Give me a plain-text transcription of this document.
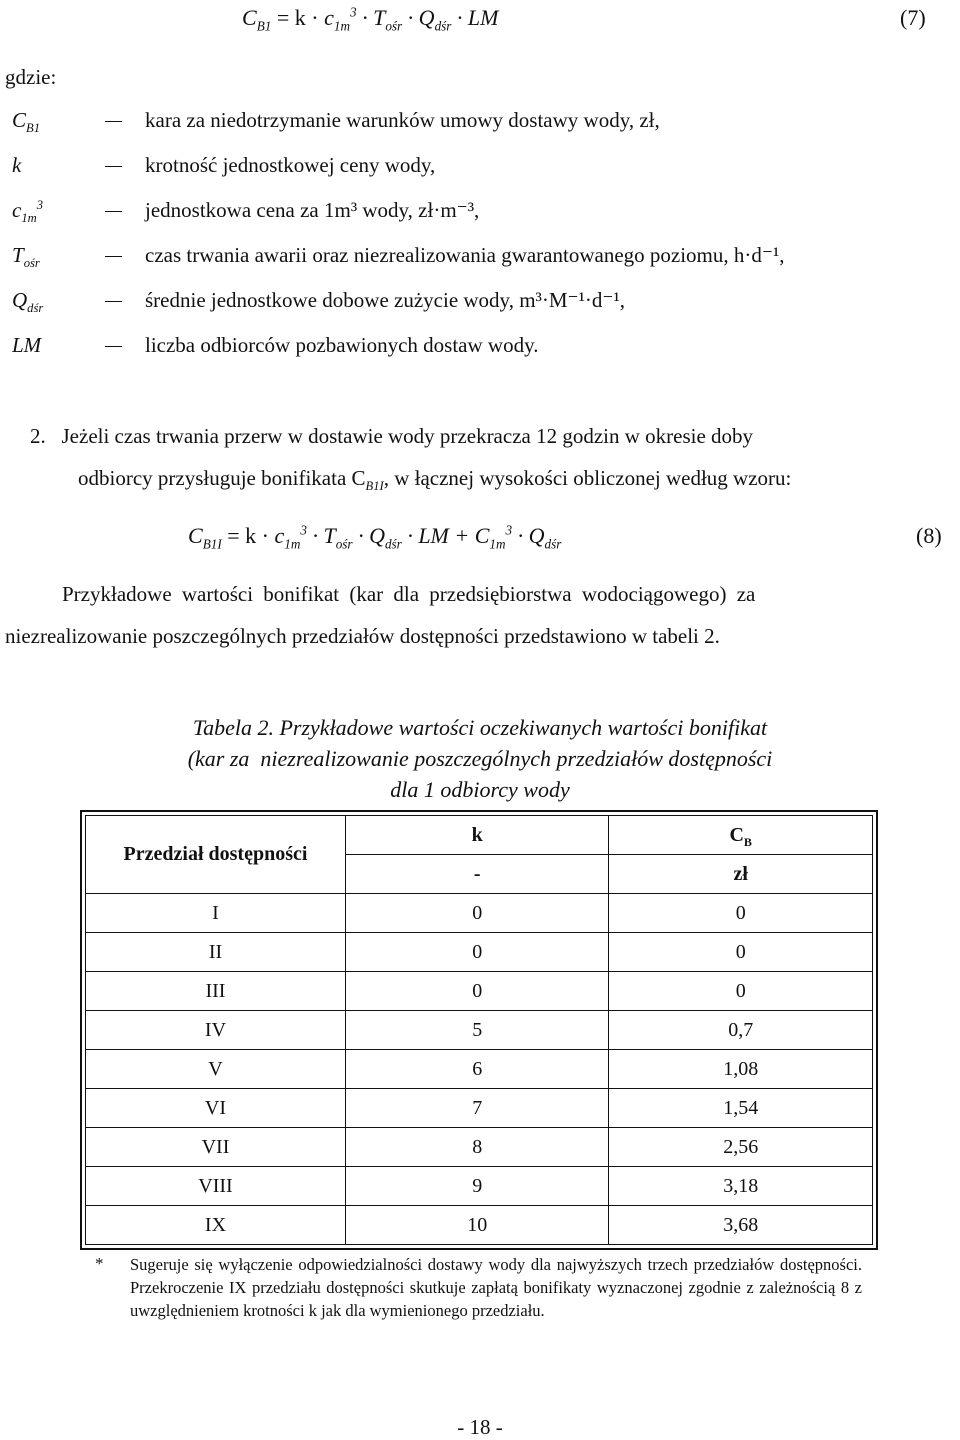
$C_{B1} = k \cdot c_{1m}^3 \cdot T_{ośr} \cdot Q_{dśr}$ · LM	(7)
gdzie:
$C_{B1}$	kara za niedotrzymanie warunków umowy dostawy wody, zł,
k	krotność jednostkowej ceny wody,
$c_{1m}^3$	jednostkowa cena za 1m³ wody, zł·m⁻³,
$T_{ośr}$	czas trwania awarii oraz niezrealizowania gwarantowanego poziomu, h·d⁻¹,
$Q_{dśr}$	średnie jednostkowe dobowe zużycie wody, m³·M⁻¹·d⁻¹,
LM	liczba odbiorców pozbawionych dostaw wody.
2.   Jeżeli czas trwania przerw w dostawie wody przekracza 12 godzin w okresie doby
odbiorcy przysługuje bonifikata $C_{B1I}$, w łącznej wysokości obliczonej według wzoru:
$C_{B1I} = k \cdot c_{1m}^3 \cdot T_{ośr} \cdot Q_{dśr}$ · LM + $C_{1m}^3 \cdot Q_{dśr}$	(8)
Przykładowe wartości bonifikat (kar dla przedsiębiorstwa wodociągowego) za
niezrealizowanie poszczególnych przedziałów dostępności przedstawiono w tabeli 2.
Tabela 2. Przykładowe wartości oczekiwanych wartości bonifikat
(kar za  niezrealizowanie poszczególnych przedziałów dostępności
dla 1 odbiorcy wody
Przedział dostępności	k	$C_B$
	-	zł
I	0	0
II	0	0
III	0	0
IV	5	0,7
V	6	1,08
VI	7	1,54
VII	8	2,56
VIII	9	3,18
IX	10	3,68
* Sugeruje się wyłączenie odpowiedzialności dostawy wody dla najwyższych trzech przedziałów dostępności. Przekroczenie IX przedziału dostępności skutkuje zapłatą bonifikaty wyznaczonej zgodnie z zależnością 8 z uwzględnieniem krotności k jak dla wymienionego przedziału.
- 18 -
